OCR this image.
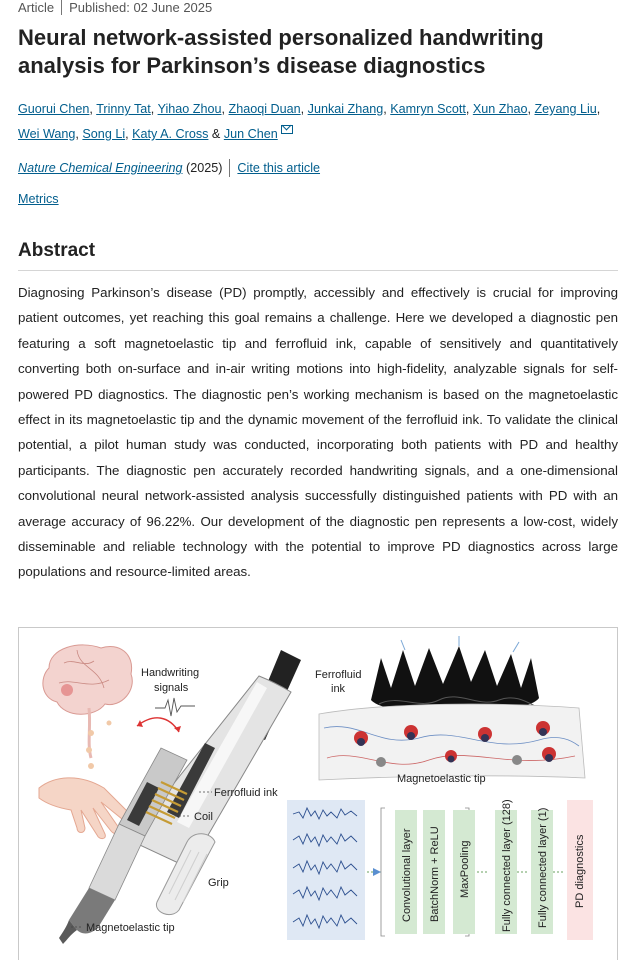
Article Published: 02 June 2025
Neural network-assisted personalized handwriting analysis for Parkinson’s disease diagnostics
Guorui Chen, Trinny Tat, Yihao Zhou, Zhaoqi Duan, Junkai Zhang, Kamryn Scott, Xun Zhao, Zeyang Liu, Wei Wang, Song Li, Katy A. Cross & Jun Chen
Nature Chemical Engineering
(2025) Cite this article
Metrics
Abstract

Diagnosing Parkinson’s disease (PD) promptly, accessibly and effectively is crucial for improving patient outcomes, yet reaching this goal remains a challenge. Here we developed a diagnostic pen featuring a soft magnetoelastic tip and ferrofluid ink, capable of sensitively and quantitatively converting both on-surface and in-air writing motions into high-fidelity, analyzable signals for self-powered PD diagnostics. The diagnostic pen’s working mechanism is based on the magnetoelastic effect in its magnetoelastic tip and the dynamic movement of the ferrofluid ink. To validate the clinical potential, a pilot human study was conducted, incorporating both patients with PD and healthy participants. The diagnostic pen accurately recorded handwriting signals, and a one-dimensional convolutional neural network-assisted analysis successfully distinguished patients with PD with an average accuracy of 96.22%. Our development of the diagnostic pen represents a low-cost, widely disseminable and reliable technology with the potential to improve PD diagnostics across large populations and resource-limited areas.

Handwriting
signals
Ferrofluid ink
Coil
Grip
Magnetoelastic tip
Ferrofluid
ink
Magnetoelastic tip
Convolutional layer BatchNorm + ReLU MaxPooling	Fully connected layer (128) Fully connected layer (1) PD diagnostics
